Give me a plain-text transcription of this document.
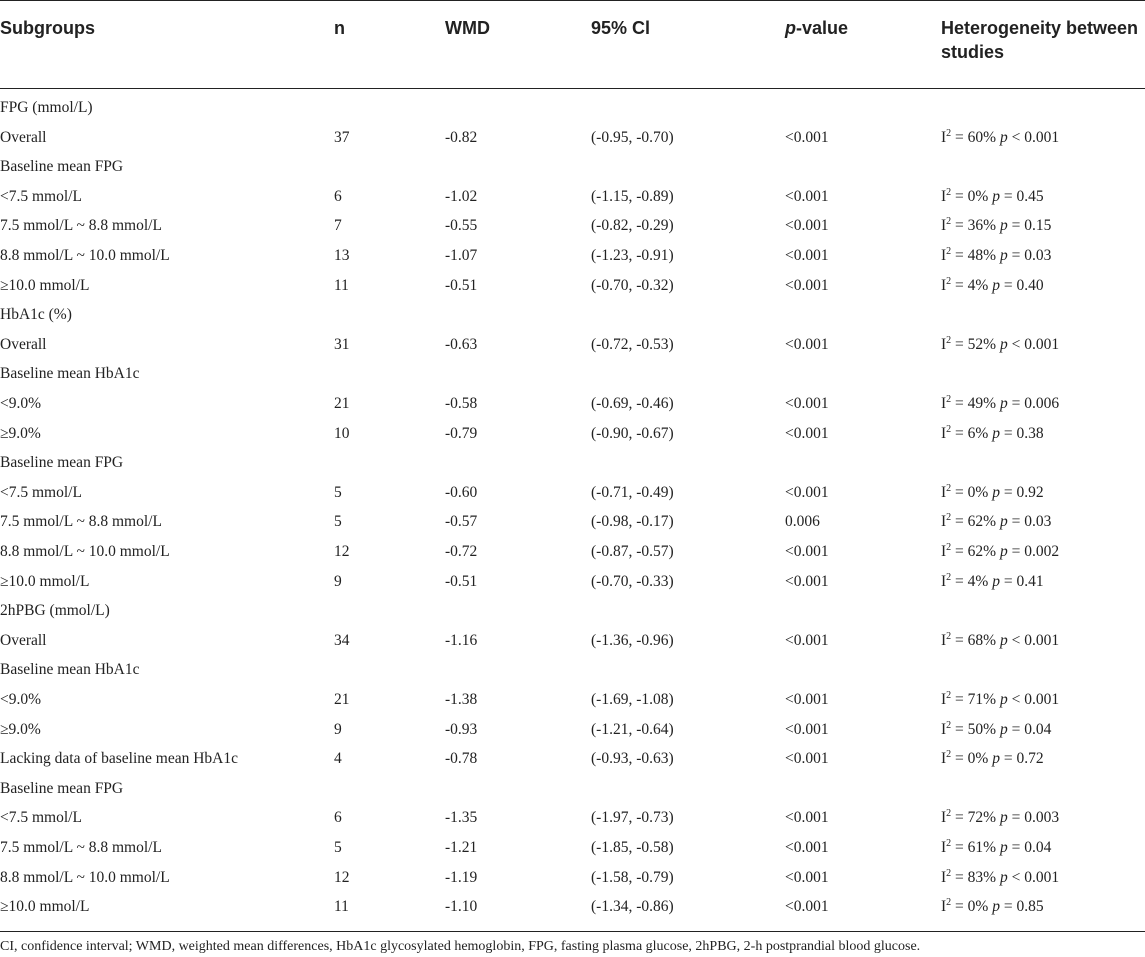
Subgroups	n	WMD	95% Cl	p-value	Heterogeneity between
studies
FPG (mmol/L)
Overall	37	-0.82	(-0.95, -0.70)	<0.001	$I^2 = 60\%$ p < 0.001
Baseline mean FPG
<7.5 mmol/L	6	-1.02	(-1.15, -0.89)	<0.001	$I^2 = 0\%$ p = 0.45
7.5 mmol/L ~ 8.8 mmol/L	7	-0.55	(-0.82, -0.29)	<0.001	$I^2 = 36\%$ p = 0.15
8.8 mmol/L ~ 10.0 mmol/L	13	-1.07	(-1.23, -0.91)	<0.001	$I^2 = 48\%$ p = 0.03
≥10.0 mmol/L	11	-0.51	(-0.70, -0.32)	<0.001	$I^2 = 4\%$ p = 0.40
HbA1c (%)
Overall	31	-0.63	(-0.72, -0.53)	<0.001	$I^2 = 52\%$ p < 0.001
Baseline mean HbA1c
<9.0%	21	-0.58	(-0.69, -0.46)	<0.001	$I^2 = 49\%$ p = 0.006
≥9.0%	10	-0.79	(-0.90, -0.67)	<0.001	$I^2 = 6\%$ p = 0.38
Baseline mean FPG
<7.5 mmol/L	5	-0.60	(-0.71, -0.49)	<0.001	$I^2 = 0\%$ p = 0.92
7.5 mmol/L ~ 8.8 mmol/L	5	-0.57	(-0.98, -0.17)	0.006	$I^2 = 62\%$ p = 0.03
8.8 mmol/L ~ 10.0 mmol/L	12	-0.72	(-0.87, -0.57)	<0.001	$I^2 = 62\%$ p = 0.002
≥10.0 mmol/L	9	-0.51	(-0.70, -0.33)	<0.001	$I^2 = 4\%$ p = 0.41
2hPBG (mmol/L)
Overall	34	-1.16	(-1.36, -0.96)	<0.001	$I^2 = 68\%$ p < 0.001
Baseline mean HbA1c
<9.0%	21	-1.38	(-1.69, -1.08)	<0.001	$I^2 = 71\%$ p < 0.001
≥9.0%	9	-0.93	(-1.21, -0.64)	<0.001	$I^2 = 50\%$ p = 0.04
Lacking data of baseline mean HbA1c	4	-0.78	(-0.93, -0.63)	<0.001	$I^2 = 0\%$ p = 0.72
Baseline mean FPG
<7.5 mmol/L	6	-1.35	(-1.97, -0.73)	<0.001	$I^2 = 72\%$ p = 0.003
7.5 mmol/L ~ 8.8 mmol/L	5	-1.21	(-1.85, -0.58)	<0.001	$I^2 = 61\%$ p = 0.04
8.8 mmol/L ~ 10.0 mmol/L	12	-1.19	(-1.58, -0.79)	<0.001	$I^2 = 83\%$ p < 0.001
≥10.0 mmol/L	11	-1.10	(-1.34, -0.86)	<0.001	$I^2 = 0\%$ p = 0.85
CI, confidence interval; WMD, weighted mean differences, HbA1c glycosylated hemoglobin, FPG, fasting plasma glucose, 2hPBG, 2-h postprandial blood glucose.
